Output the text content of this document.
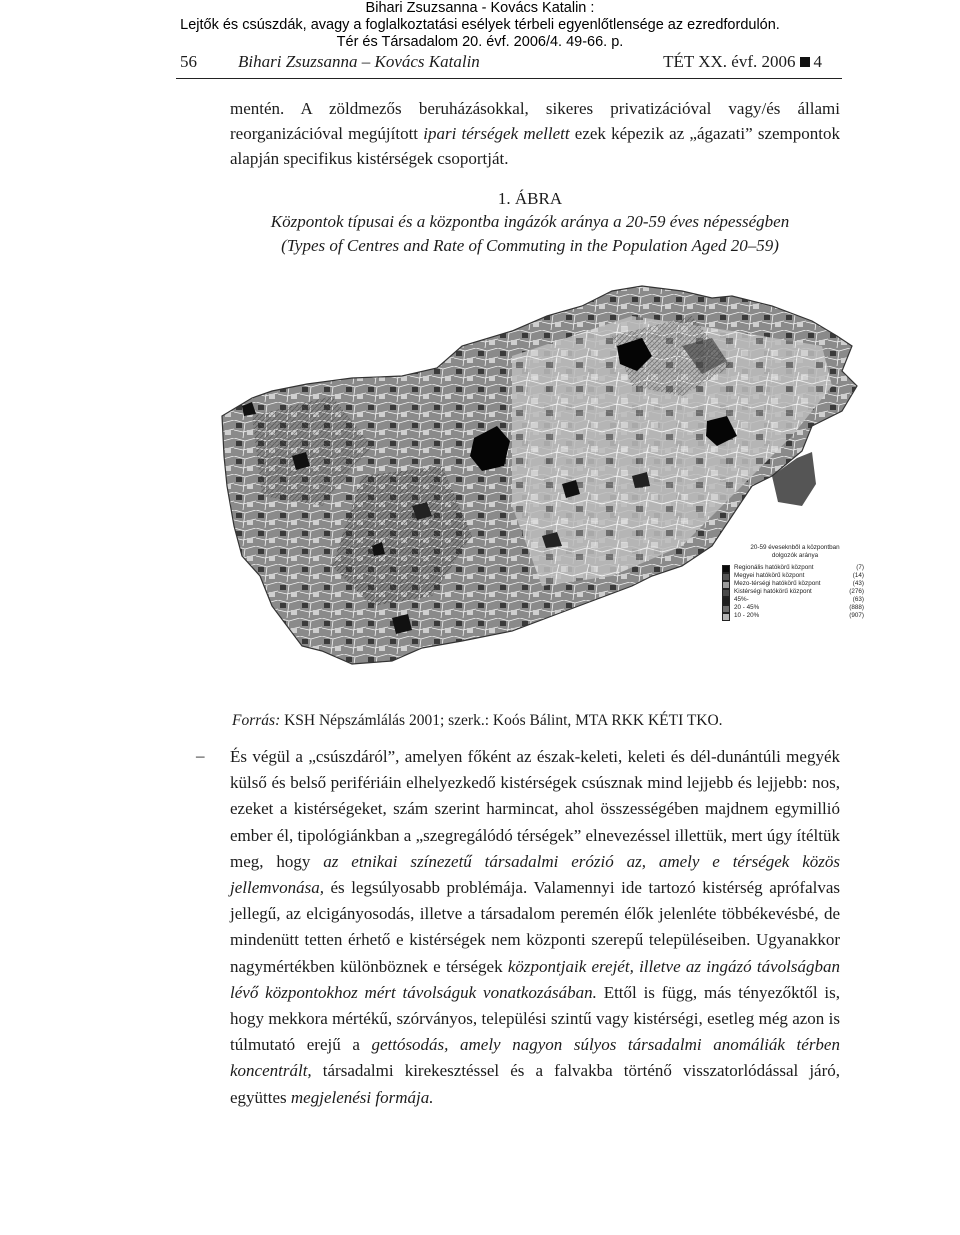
Bihari Zsuzsanna - Kovács Katalin :
Lejtők és csúszdák, avagy a foglalkoztatási esélyek térbeli egyenlőtlensége az ezredfordulón.
Tér és Társadalom 20. évf. 2006/4. 49-66. p.
56 Bihari Zsuzsanna – Kovács Katalin	TÉT XX. évf. 2006 4

mentén. A zöldmezős beruházásokkal, sikeres privatizációval vagy/és állami reorganizációval megújított ipari térségek mellett ezek képezik az „ágazati” szempontok alapján specifikus kistérségek csoportját.

1. ÁBRA
Központok típusai és a központba ingázók aránya a 20-59 éves népességben
(Types of Centres and Rate of Commuting in the Population Aged 20–59)
20-59 éveseknből a központban
dolgozók aránya
Regionális hatókörű központ	(7)
Megyei hatókörű központ	(14)
Mezo-térségi hatókörű központ	(43)
Kistérségi hatókörű központ	(276)
45%-	(63)
20 - 45%	(888)
10 - 20%	(907)
Forrás: KSH Népszámlálás 2001; szerk.: Koós Bálint, MTA RKK KÉTI TKO.
– És végül a „csúszdáról”, amelyen főként az észak-keleti, keleti és dél-dunántúli megyék külső és belső perifériáin elhelyezkedő kistérségek csúsznak mind lejjebb és lejjebb: nos, ezeket a kistérségeket, szám szerint harmincat, ahol összességében majdnem egymillió ember él, tipológiánkban a „szegregálódó térségek” elnevezéssel illettük, mert úgy ítéltük meg, hogy az etnikai színezetű társadalmi erózió az, amely e térségek közös jellemvonása, és legsúlyosabb problémája. Valamennyi ide tartozó kistérség aprófalvas jellegű, az elcigányosodás, illetve a társadalom peremén élők jelenléte többékevésbé, de mindenütt tetten érhető e kistérségek nem központi szerepű településeiben. Ugyanakkor nagymértékben különböznek e térségek központjaik erejét, illetve az ingázó távolságban lévő központokhoz mért távolságuk vonatkozásában. Ettől is függ, más tényezőktől is, hogy mekkora mértékű, szórványos, települési szintű vagy kistérségi, esetleg még azon is túlmutató erejű a gettósodás, amely nagyon súlyos társadalmi anomáliák térben koncentrált, társadalmi kirekesztéssel és a falvakba történő visszatorlódással járó, együttes megjelenési formája.
